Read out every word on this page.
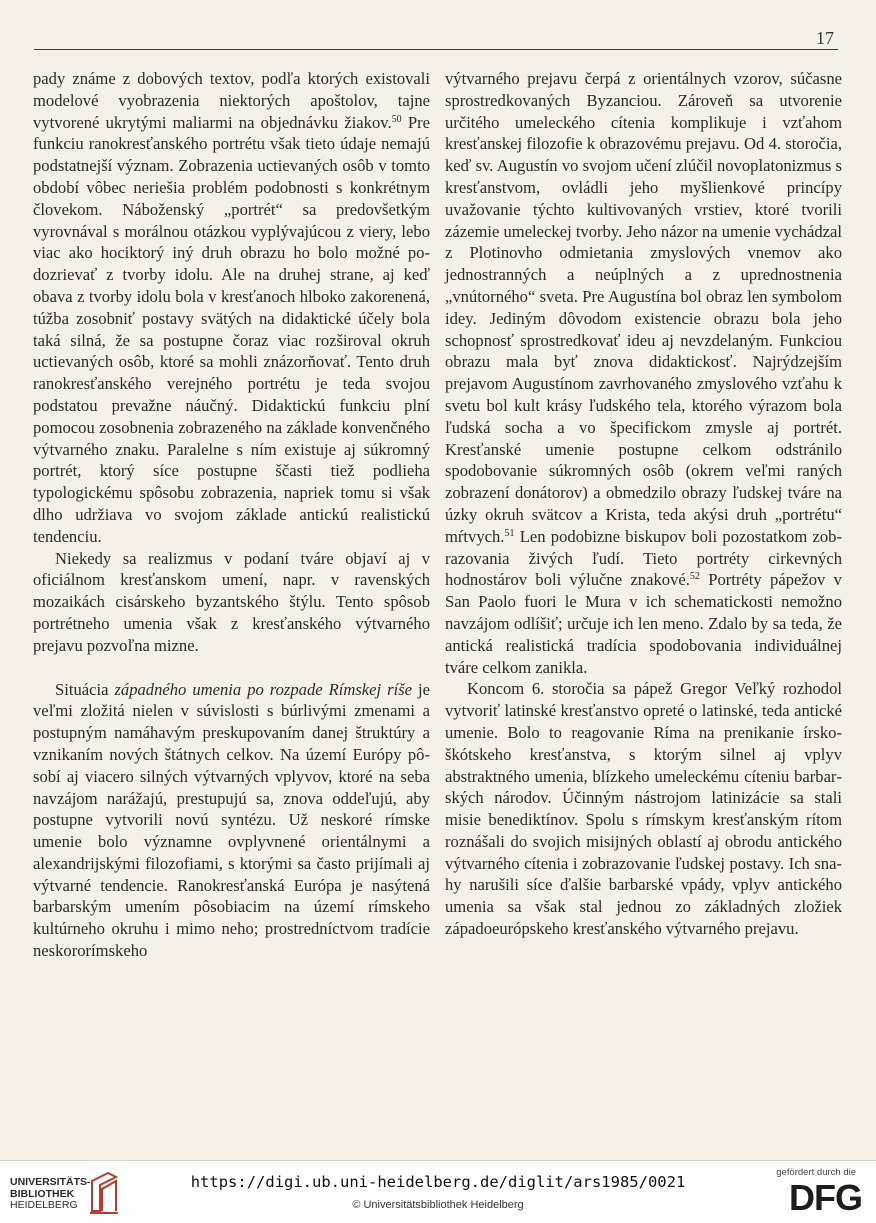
17

pady známe z dobových textov, podľa ktorých existovali modelové vyobrazenia niektorých apoštolov, tajne vytvorené ukrytými maliarmi na objednávku žiakov.$^{50}$ Pre funkciu ranokresťanského portrétu však tieto údaje nemajú podstatnejší význam. Zobrazenia uctievaných osôb v tomto období vôbec neriešia problém podobnosti s konkrétnym človekom. Náboženský „portrét“ sa predovšetkým vyrovnával s morálnou otázkou vyplývajúcou z viery, lebo viac ako hociktorý iný druh obrazu ho bolo možné podozrievať z tvorby idolu. Ale na druhej strane, aj keď obava z tvorby idolu bola v kresťanoch hlboko zakorenená, túžba zosobniť postavy svätých na didaktické účely bola taká silná, že sa postupne čoraz viac rozširoval okruh uctievaných osôb, ktoré sa mohli znázorňovať. Tento druh ranokresťanského verejného portrétu je teda svojou podstatou prevažne náučný. Didaktickú funkciu plní pomocou zosobnenia zobrazeného na základe konvenčného výtvarného znaku. Paralelne s ním existuje aj súkromný portrét, ktorý síce postupne ščasti tiež podlieha typologickému spôsobu zobrazenia, napriek tomu si však dlho udržiava vo svojom základe antickú realistickú tendenciu.

Niekedy sa realizmus v podaní tváre objaví aj v oficiálnom kresťanskom umení, napr. v ravenských mozaikách cisárskeho byzantského štýlu. Tento spôsob portrétneho umenia však z kresťanského výtvarného prejavu pozvoľna mizne.

Situácia západného umenia po rozpade Rímskej ríše je veľmi zložitá nielen v súvislosti s búrlivými zmenami a postupným namáhavým preskupovaním danej štruktúry a vznikaním nových štátnych celkov. Na území Európy pôsobí aj viacero silných výtvarných vplyvov, ktoré na seba navzájom narážajú, prestupujú sa, znova oddeľujú, aby postupne vytvorili novú syntézu. Už neskoré rímske umenie bolo významne ovplyvnené orientálnymi a alexandrijskými filozofiami, s ktorými sa často prijímali aj výtvarné tendencie. Ranokresťanská Európa je nasýtená barbarským umením pôsobiacim na území rímskeho kultúrneho okruhu i mimo neho; prostredníctvom tradície neskororímskeho

výtvarného prejavu čerpá z orientálnych vzorov, súčasne sprostredkovaných Byzanciou. Zároveň sa utvorenie určitého umeleckého cítenia komplikuje i vzťahom kresťanskej filozofie k obrazovému prejavu. Od 4. storočia, keď sv. Augustín vo svojom učení zlúčil novoplatonizmus s kresťanstvom, ovládli jeho myšlienkové princípy uvažovanie týchto kultivovaných vrstiev, ktoré tvorili zázemie umeleckej tvorby. Jeho názor na umenie vychádzal z Plotinovho odmietania zmyslových vnemov ako jednostranných a neúplných a z uprednostnenia „vnútorného“ sveta. Pre Augustína bol obraz len symbolom idey. Jediným dôvodom existencie obrazu bola jeho schopnosť sprostredkovať ideu aj nevzdelaným. Funkciou obrazu mala byť znova didaktickosť. Najrýdzejším prejavom Augustínom zavrhovaného zmyslového vzťahu k svetu bol kult krásy ľudského tela, ktorého výrazom bola ľudská socha a vo špecifickom zmysle aj portrét. Kresťanské umenie postupne celkom odstránilo spodobovanie súkromných osôb (okrem veľmi raných zobrazení donátorov) a obmedzilo obrazy ľudskej tváre na úzky okruh svätcov a Krista, teda akýsi druh „portrétu“ mŕtvych.$^{51}$ Len podobizne biskupov boli pozostatkom zobrazovania živých ľudí. Tieto portréty cirkevných hodnostárov boli výlučne znakové.$^{52}$ Portréty pápežov v San Paolo fuori le Mura v ich schematickosti nemožno navzájom odlíšiť; určuje ich len meno. Zdalo by sa teda, že antická realistická tradícia spodobovania individuálnej tváre celkom zanikla.

Koncom 6. storočia sa pápež Gregor Veľký rozhodol vytvoriť latinské kresťanstvo opreté o latinské, teda antické umenie. Bolo to reagovanie Ríma na prenikanie írsko-škótskeho kresťanstva, s ktorým silnel aj vplyv abstraktného umenia, blízkeho umeleckému cíteniu barbarských národov. Účinným nástrojom latinizácie sa stali misie benediktínov. Spolu s rímskym kresťanským rítom roznášali do svojich misijných oblastí aj obrodu antického výtvarného cítenia i zobrazovanie ľudskej postavy. Ich snahy narušili síce ďalšie barbarské vpády, vplyv antického umenia sa však stal jednou zo základných zložiek západoeurópskeho kresťanského výtvarného prejavu.

UNIVERSITÄTS-
BIBLIOTHEK
HEIDELBERG
https://digi.ub.uni-heidelberg.de/diglit/ars1985/0021
© Universitätsbibliothek Heidelberg
gefördert durch die
DFG
